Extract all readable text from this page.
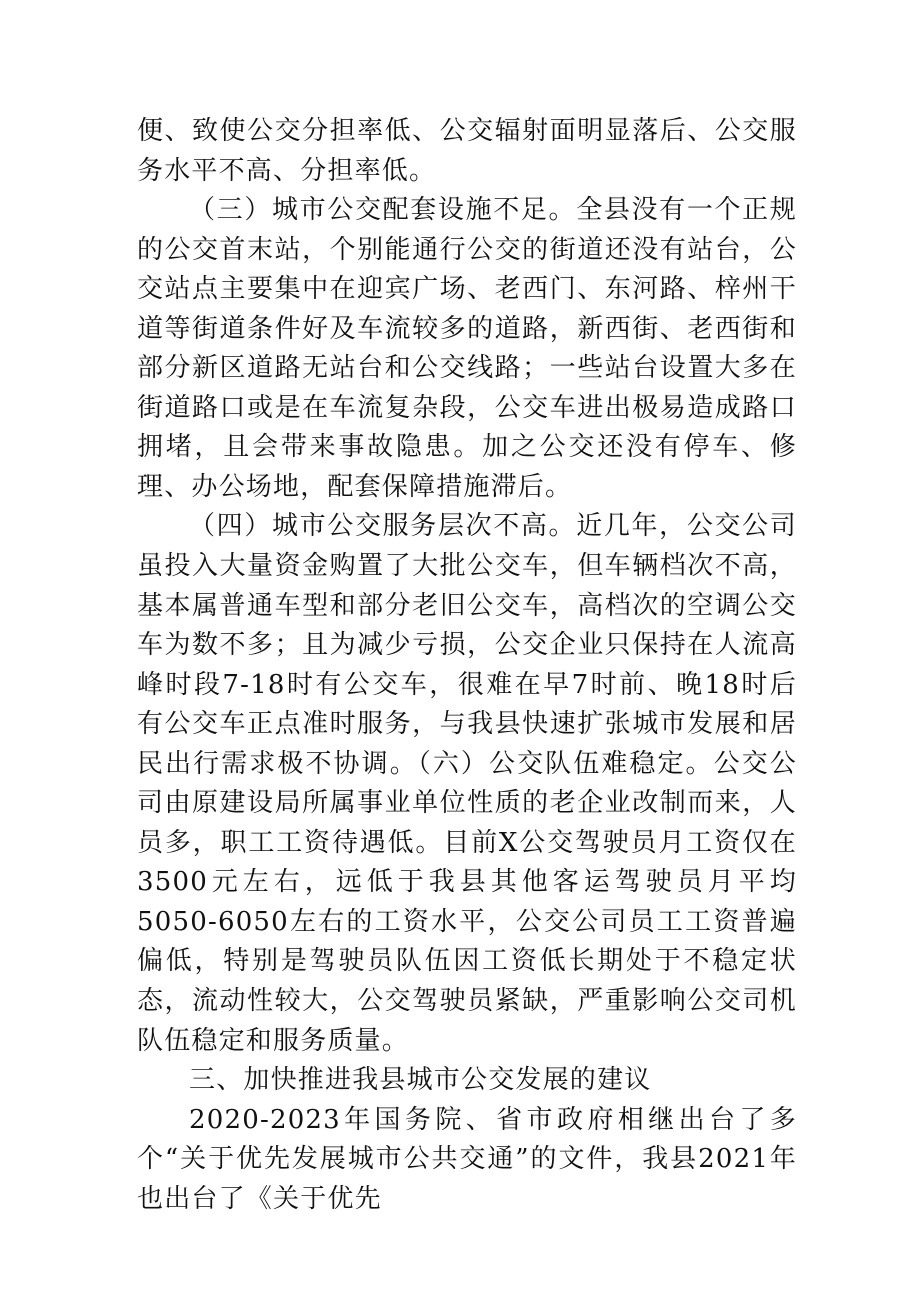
便、致使公交分担率低、公交辐射面明显落后、公交服务水平不高、分担率低。

（三）城市公交配套设施不足。全县没有一个正规的公交首末站，个别能通行公交的街道还没有站台，公交站点主要集中在迎宾广场、老西门、东河路、梓州干道等街道条件好及车流较多的道路，新西街、老西街和部分新区道路无站台和公交线路；一些站台设置大多在街道路口或是在车流复杂段，公交车进出极易造成路口拥堵，且会带来事故隐患。加之公交还没有停车、修理、办公场地，配套保障措施滞后。

（四）城市公交服务层次不高。近几年，公交公司虽投入大量资金购置了大批公交车，但车辆档次不高，基本属普通车型和部分老旧公交车，高档次的空调公交车为数不多；且为减少亏损，公交企业只保持在人流高峰时段7-18时有公交车，很难在早7时前、晚18时后有公交车正点准时服务，与我县快速扩张城市发展和居民出行需求极不协调。（六）公交队伍难稳定。公交公司由原建设局所属事业单位性质的老企业改制而来，人员多，职工工资待遇低。目前X公交驾驶员月工资仅在3500元左右，远低于我县其他客运驾驶员月平均5050-6050左右的工资水平，公交公司员工工资普遍偏低，特别是驾驶员队伍因工资低长期处于不稳定状态，流动性较大，公交驾驶员紧缺，严重影响公交司机队伍稳定和服务质量。

三、加快推进我县城市公交发展的建议

2020-2023年国务院、省市政府相继出台了多个“关于优先发展城市公共交通”的文件，我县2021年也出台了《关于优先
